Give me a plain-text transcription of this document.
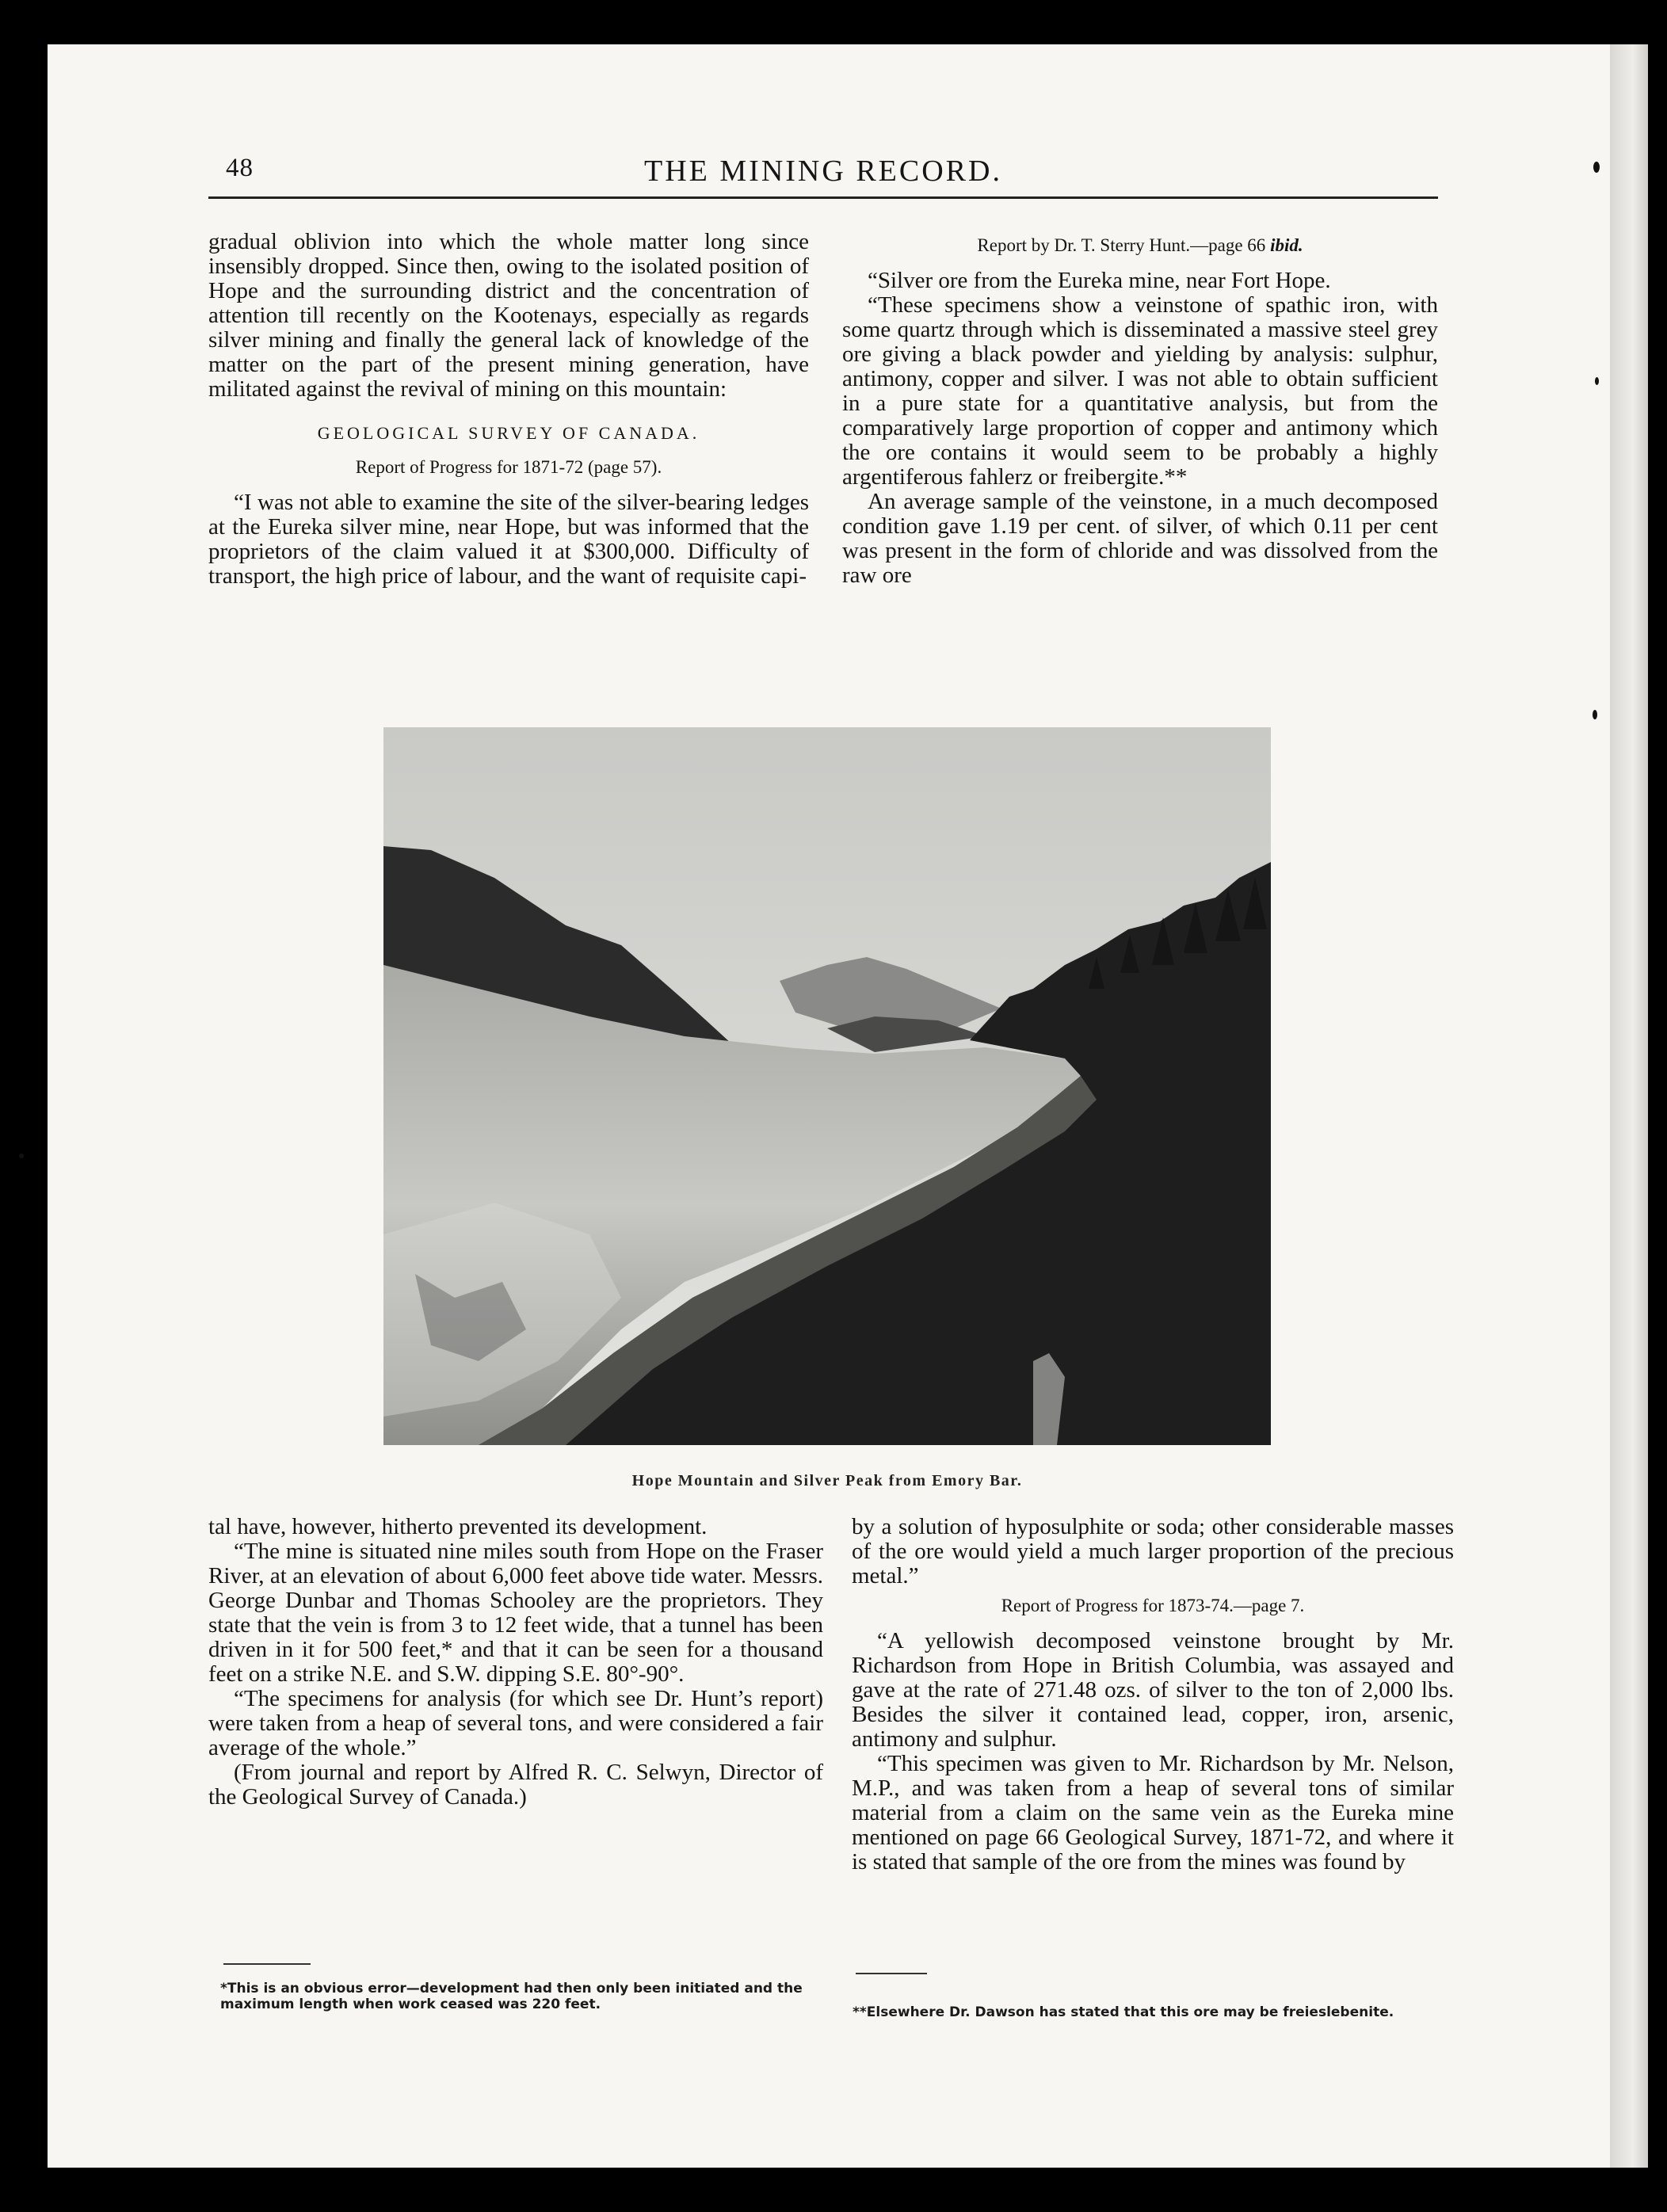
48	THE MINING RECORD.

gradual oblivion into which the whole matter long since insensibly dropped. Since then, owing to the isolated position of Hope and the surrounding district and the concentration of attention till recently on the Kootenays, especially as regards silver mining and finally the general lack of knowledge of the matter on the part of the present mining generation, have militated against the revival of mining on this mountain:

GEOLOGICAL SURVEY OF CANADA.
Report of Progress for 1871-72 (page 57).

“I was not able to examine the site of the silver-bearing ledges at the Eureka silver mine, near Hope, but was informed that the proprietors of the claim valued it at $300,000. Difficulty of transport, the high price of labour, and the want of requisite capi-

Report by Dr. T. Sterry Hunt.—page 66 ibid.

“Silver ore from the Eureka mine, near Fort Hope.

“These specimens show a veinstone of spathic iron, with some quartz through which is disseminated a massive steel grey ore giving a black powder and yielding by analysis: sulphur, antimony, copper and silver. I was not able to obtain sufficient in a pure state for a quantitative analysis, but from the comparatively large proportion of copper and antimony which the ore contains it would seem to be probably a highly argentiferous fahlerz or freibergite.**

An average sample of the veinstone, in a much decomposed condition gave 1.19 per cent. of silver, of which 0.11 per cent was present in the form of chloride and was dissolved from the raw ore

Hope Mountain and Silver Peak from Emory Bar.

tal have, however, hitherto prevented its development.

“The mine is situated nine miles south from Hope on the Fraser River, at an elevation of about 6,000 feet above tide water. Messrs. George Dunbar and Thomas Schooley are the proprietors. They state that the vein is from 3 to 12 feet wide, that a tunnel has been driven in it for 500 feet,* and that it can be seen for a thousand feet on a strike N.E. and S.W. dipping S.E. 80°-90°.

“The specimens for analysis (for which see Dr. Hunt’s report) were taken from a heap of several tons, and were considered a fair average of the whole.”

(From journal and report by Alfred R. C. Selwyn, Director of the Geological Survey of Canada.)

by a solution of hyposulphite or soda; other considerable masses of the ore would yield a much larger proportion of the precious metal.”

Report of Progress for 1873-74.—page 7.

“A yellowish decomposed veinstone brought by Mr. Richardson from Hope in British Columbia, was assayed and gave at the rate of 271.48 ozs. of silver to the ton of 2,000 lbs. Besides the silver it contained lead, copper, iron, arsenic, antimony and sulphur.

“This specimen was given to Mr. Richardson by Mr. Nelson, M.P., and was taken from a heap of several tons of similar material from a claim on the same vein as the Eureka mine mentioned on page 66 Geological Survey, 1871-72, and where it is stated that sample of the ore from the mines was found by

*This is an obvious error—development had then only been initiated and the maximum length when work ceased was 220 feet.	**Elsewhere Dr. Dawson has stated that this ore may be freieslebenite.
